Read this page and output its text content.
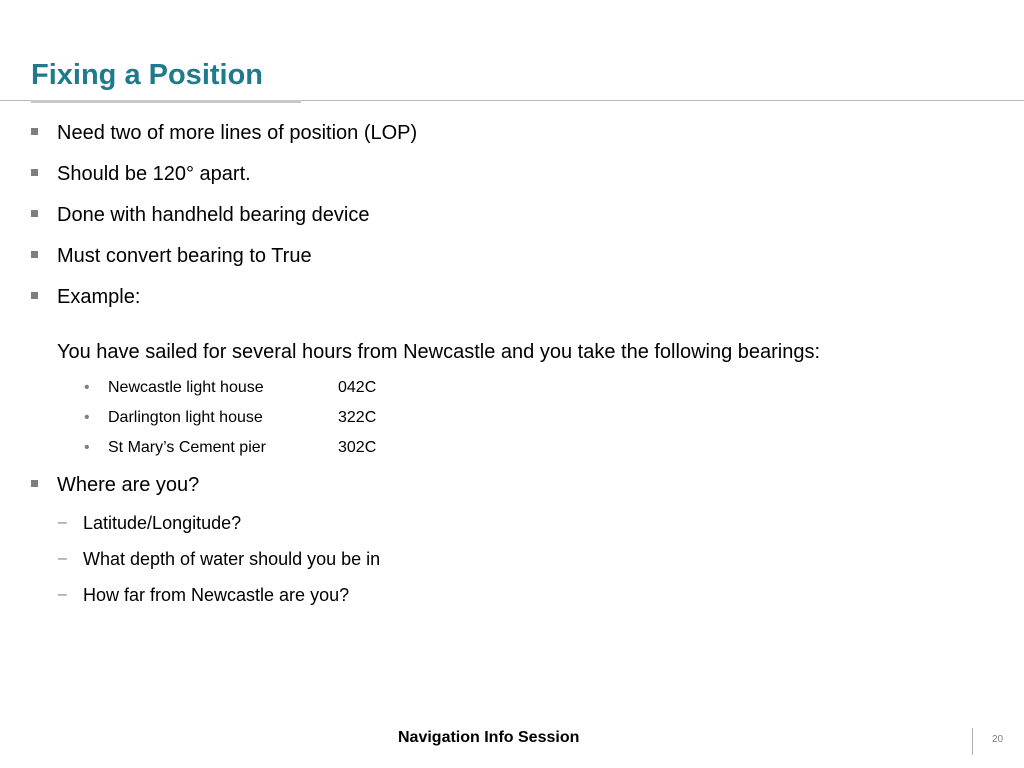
Fixing a Position
Need two of more lines of position (LOP)
Should be 120° apart.
Done with handheld bearing device
Must convert bearing to True
Example:
You have sailed for several hours from Newcastle and you take the following bearings:
• Newcastle light house	042C
• Darlington light house	322C
• St Mary’s Cement pier	302C
Where are you?
– Latitude/Longitude?
– What depth of water should you be in
– How far from Newcastle are you?
Navigation Info Session	20
